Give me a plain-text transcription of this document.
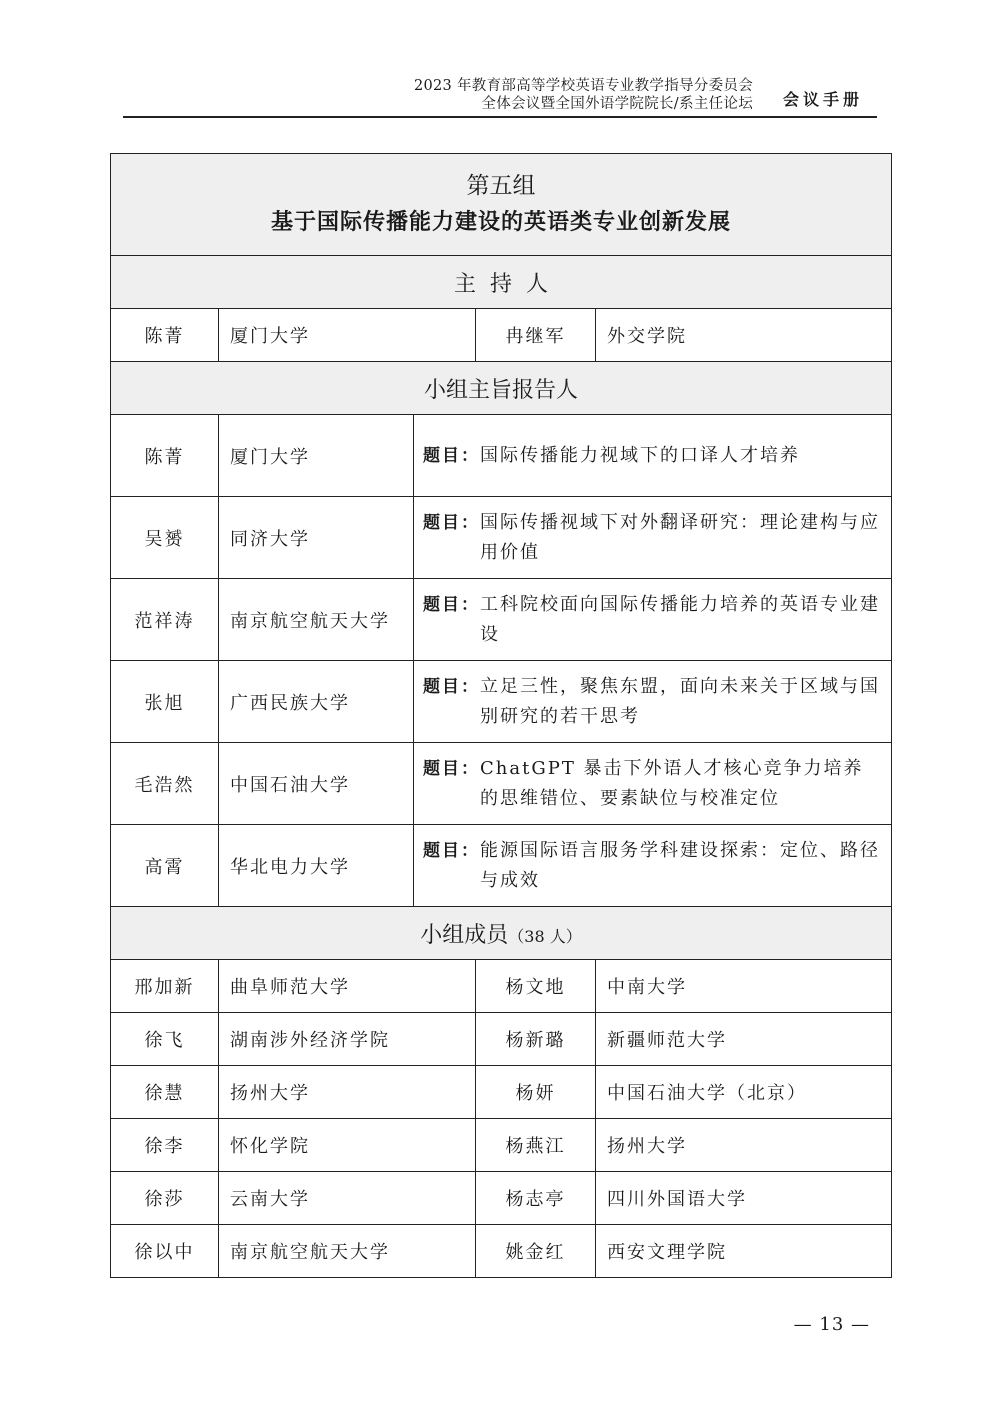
2023 年教育部高等学校英语专业教学指导分委员会
全体会议暨全国外语学院院长/系主任论坛 会议手册
第五组
基于国际传播能力建设的英语类专业创新发展				

主持人				
陈菁	厦门大学		冉继军	外交学院
小组主旨报告人				
陈菁	厦门大学	题目： 国际传播能力视域下的口译人才培养		

吴赟	同济大学	题目： 国际传播视域下对外翻译研究：理论建构与应用价值		

范祥涛	南京航空航天大学	题目： 工科院校面向国际传播能力培养的英语专业建设		

张旭	广西民族大学	题目： 立足三性，聚焦东盟，面向未来关于区域与国别研究的若干思考		

毛浩然	中国石油大学	题目： ChatGPT 暴击下外语人才核心竞争力培养的思维错位、要素缺位与校准定位		

高霄	华北电力大学	题目： 能源国际语言服务学科建设探索：定位、路径与成效		

小组成员（38 人）				
邢加新	曲阜师范大学		杨文地	中南大学
徐飞	湖南涉外经济学院		杨新璐	新疆师范大学
徐慧	扬州大学		杨妍	中国石油大学（北京）
徐李	怀化学院		杨燕江	扬州大学
徐莎	云南大学		杨志亭	四川外国语大学
徐以中	南京航空航天大学		姚金红	西安文理学院
— 13 —
